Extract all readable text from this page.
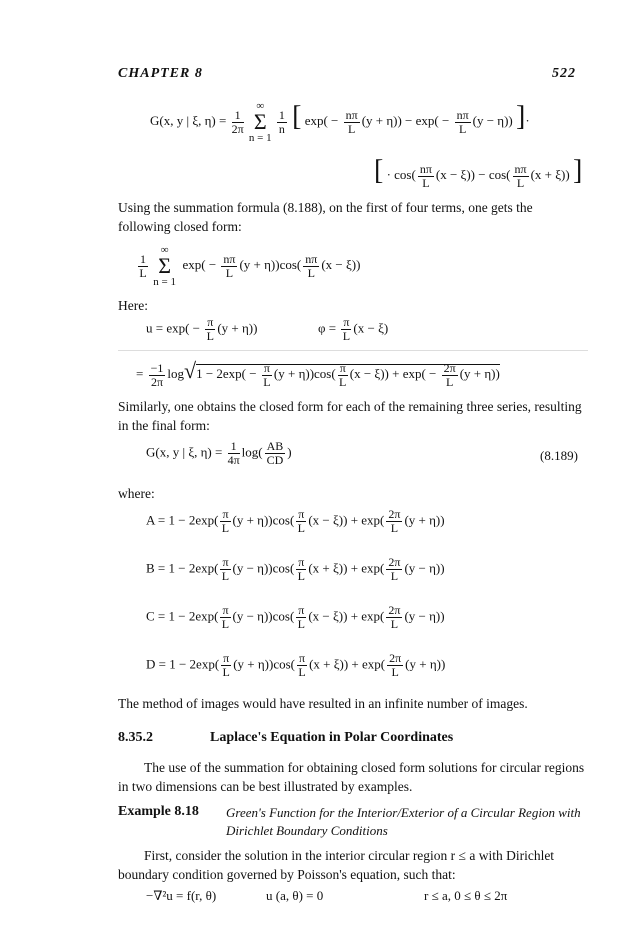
CHAPTER 8	522
G(x, y | ξ, $\eta) = \frac{1}{2\pi}$

∞
Σ
n = 1

$\frac{1}{n}$ [ $\exp( - \frac{n\pi}{L} (y + \eta)) - \exp( - \frac{n\pi}{L} (y - \eta))$ ]·
[ · $\cos( \frac{n\pi}{L} (x - \xi)) - \cos( \frac{n\pi}{L} (x + \xi))$ ]
Using the summation formula (8.188), on the first of four terms, one gets the following closed form:
$\frac{1}{L}$

∞
Σ
n = 1
$\exp( - \frac{n\pi}{L} (y + \eta))\cos( \frac{n\pi}{L} (x - \xi))$
Here:
$u = \exp( - \frac{\pi}{L} (y + \eta))$	$\varphi = \frac{\pi}{L} (x - \xi)$
= $\frac{-1}{2\pi} \log√1 - 2\exp( - \frac{\pi}{L} (y + \eta))\cos( \frac{\pi}{L} (x - \xi)) + \exp( - \frac{2\pi}{L} (y + \eta))$
Similarly, one obtains the closed form for each of the remaining three series, resulting in the final form:
G(x, y | ξ, $\eta) = \frac{1}{4\pi} \log( \frac{AB}{CD}$ )	(8.189)
where:
$A = 1 - 2\exp( \frac{\pi}{L} (y + \eta))\cos( \frac{\pi}{L} (x - \xi)) + \exp( \frac{2\pi}{L} (y + \eta))$
$B = 1 - 2\exp( \frac{\pi}{L} (y - \eta))\cos( \frac{\pi}{L} (x + \xi)) + \exp( \frac{2\pi}{L} (y - \eta))$
$C = 1 - 2\exp( \frac{\pi}{L} (y - \eta))\cos( \frac{\pi}{L} (x - \xi)) + \exp( \frac{2\pi}{L} (y - \eta))$
$D = 1 - 2\exp( \frac{\pi}{L} (y + \eta))\cos( \frac{\pi}{L} (x + \xi)) + \exp( \frac{2\pi}{L} (y + \eta))$
The method of images would have resulted in an infinite number of images.
8.35.2	Laplace's Equation in Polar Coordinates
The use of the summation for obtaining closed form solutions for circular regions in two dimensions can be best illustrated by examples.
Example 8.18 Green's Function for the Interior/Exterior of a Circular Region with Dirichlet Boundary Conditions
First, consider the solution in the interior circular region r ≤ a with Dirichlet boundary condition governed by Poisson's equation, such that:
−∇²u = f(r, θ)	u (a, θ) = 0	r ≤ a, 0 ≤ θ ≤ 2π
